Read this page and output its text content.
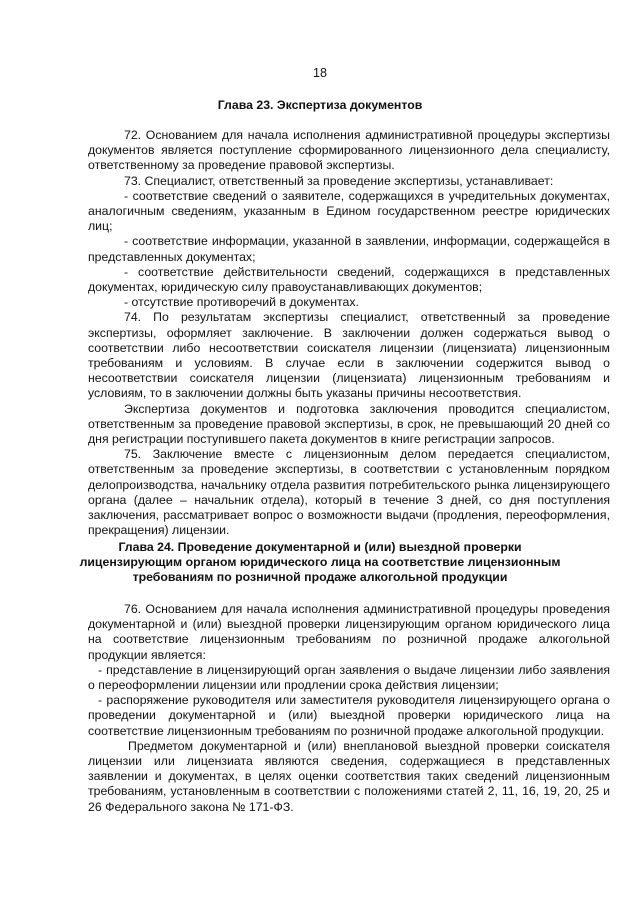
18
Глава 23. Экспертиза документов

72. Основанием для начала исполнения административной процедуры экспертизы документов является поступление сформированного лицензионного дела специалисту, ответственному за проведение правовой экспертизы.

73. Специалист, ответственный за проведение экспертизы, устанавливает:

- соответствие сведений о заявителе, содержащихся в учредительных документах, аналогичным сведениям, указанным в Едином государственном реестре юридических лиц;

- соответствие информации, указанной в заявлении, информации, содержащейся в представленных документах;

- соответствие действительности сведений, содержащихся в представленных документах, юридическую силу правоустанавливающих документов;

- отсутствие противоречий в документах.

74. По результатам экспертизы специалист, ответственный за проведение экспертизы, оформляет заключение. В заключении должен содержаться вывод о соответствии либо несоответствии соискателя лицензии (лицензиата) лицензионным требованиям и условиям. В случае если в заключении содержится вывод о несоответствии соискателя лицензии (лицензиата) лицензионным требованиям и условиям, то в заключении должны быть указаны причины несоответствия.

Экспертиза документов и подготовка заключения проводится специалистом, ответственным за проведение правовой экспертизы, в срок, не превышающий 20 дней со дня регистрации поступившего пакета документов в книге регистрации запросов.

75. Заключение вместе с лицензионным делом передается специалистом, ответственным за проведение экспертизы, в соответствии с установленным порядком делопроизводства, начальнику отдела развития потребительского рынка лицензирующего органа (далее – начальник отдела), который в течение 3 дней, со дня поступления заключения, рассматривает вопрос о возможности выдачи (продления, переоформления, прекращения) лицензии.

Глава 24. Проведение документарной и (или) выездной проверки
лицензирующим органом юридического лица на соответствие лицензионным
требованиям по розничной продаже алкогольной продукции

76. Основанием для начала исполнения административной процедуры проведения документарной и (или) выездной проверки лицензирующим органом юридического лица на соответствие лицензионным требованиям по розничной продаже алкогольной продукции является:

- представление в лицензирующий орган заявления о выдаче лицензии либо заявления о переоформлении лицензии или продлении срока действия лицензии;

- распоряжение руководителя или заместителя руководителя лицензирующего органа о проведении документарной и (или) выездной проверки юридического лица на соответствие лицензионным требованиям по розничной продаже алкогольной продукции.

Предметом документарной и (или) внеплановой выездной проверки соискателя лицензии или лицензиата являются сведения, содержащиеся в представленных заявлении и документах, в целях оценки соответствия таких сведений лицензионным требованиям, установленным в соответствии с положениями статей 2, 11, 16, 19, 20, 25 и 26 Федерального закона № 171-ФЗ.
